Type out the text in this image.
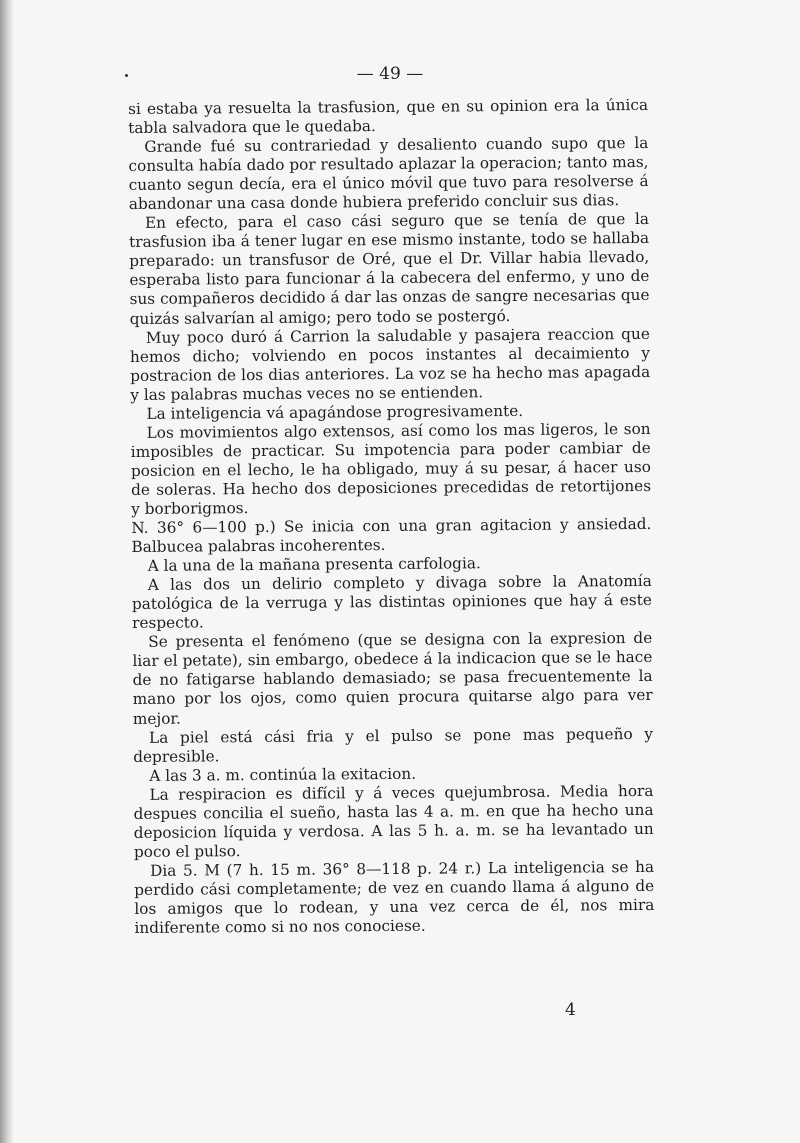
— 49 —

si estaba ya resuelta la trasfusion, que en su opinion era la única tabla salvadora que le quedaba.

Grande fué su contrariedad y desaliento cuando supo que la consulta había dado por resultado aplazar la operacion; tanto mas, cuanto segun decía, era el único móvil que tuvo para resolverse á abandonar una casa donde hubiera preferido concluir sus dias.

En efecto, para el caso cási seguro que se tenía de que la trasfusion iba á tener lugar en ese mismo instante, todo se hallaba preparado: un transfusor de Oré, que el Dr. Villar habia llevado, esperaba listo para funcionar á la cabecera del enfermo, y uno de sus compañeros decidido á dar las onzas de sangre necesarias que quizás salvarían al amigo; pero todo se postergó.

Muy poco duró á Carrion la saludable y pasajera reaccion que hemos dicho; volviendo en pocos instantes al decaimiento y postracion de los dias anteriores. La voz se ha hecho mas apagada y las palabras muchas veces no se entienden.

La inteligencia vá apagándose progresivamente.

Los movimientos algo extensos, así como los mas ligeros, le son imposibles de practicar. Su impotencia para poder cambiar de posicion en el lecho, le ha obligado, muy á su pesar, á hacer uso de soleras. Ha hecho dos deposiciones precedidas de retortijones y borborigmos.

N. 36° 6—100 p.) Se inicia con una gran agitacion y ansiedad. Balbucea palabras incoherentes.

A la una de la mañana presenta carfologia.

A las dos un delirio completo y divaga sobre la Anatomía patológica de la verruga y las distintas opiniones que hay á este respecto.

Se presenta el fenómeno (que se designa con la expresion de liar el petate), sin embargo, obedece á la indicacion que se le hace de no fatigarse hablando demasiado; se pasa frecuentemente la mano por los ojos, como quien procura quitarse algo para ver mejor.

La piel está cási fria y el pulso se pone mas pequeño y depresible.

A las 3 a. m. continúa la exitacion.

La respiracion es difícil y á veces quejumbrosa. Media hora despues concilia el sueño, hasta las 4 a. m. en que ha hecho una deposicion líquida y verdosa. A las 5 h. a. m. se ha levantado un poco el pulso.

Dia 5. M (7 h. 15 m. 36° 8—118 p. 24 r.) La inteligencia se ha perdido cási completamente; de vez en cuando llama á alguno de los amigos que lo rodean, y una vez cerca de él, nos mira indiferente como si no nos conociese.

4
